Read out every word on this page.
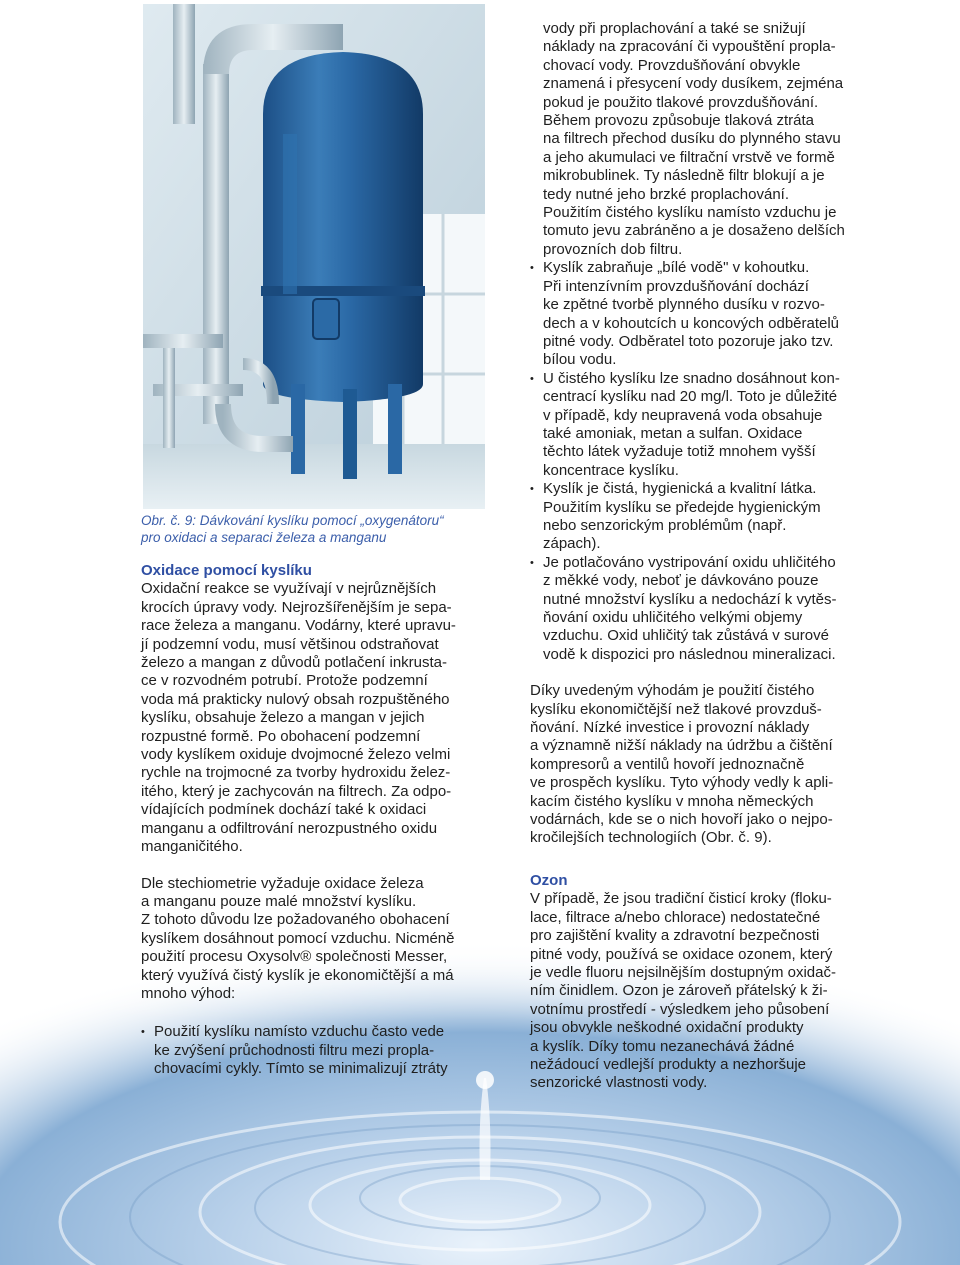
Obr. č. 9: Dávkování kyslíku pomocí „oxygenátoru“
pro oxidaci a separaci železa a manganu
Oxidace pomocí kyslíku
Oxidační reakce se využívají v nejrůznějších
krocích úpravy vody. Nejrozšířenějším je sepa-
race železa a manganu. Vodárny, které upravu-
jí podzemní vodu, musí většinou odstraňovat
železo a mangan z důvodů potlačení inkrusta-
ce v rozvodném potrubí. Protože podzemní
voda má prakticky nulový obsah rozpuštěného
kyslíku, obsahuje železo a mangan v jejich
rozpustné formě. Po obohacení podzemní
vody kyslíkem oxiduje dvojmocné železo velmi
rychle na trojmocné za tvorby hydroxidu želez-
itého, který je zachycován na filtrech. Za odpo-
vídajících podmínek dochází také k oxidaci
manganu a odfiltrování nerozpustného oxidu
manganičitého.
Dle stechiometrie vyžaduje oxidace železa
a manganu pouze malé množství kyslíku.
Z tohoto důvodu lze požadovaného obohacení
kyslíkem dosáhnout pomocí vzduchu. Nicméně
použití procesu Oxysolv® společnosti Messer,
který využívá čistý kyslík je ekonomičtější a má
mnoho výhod:
• Použití kyslíku namísto vzduchu často vede
ke zvýšení průchodnosti filtru mezi propla-
chovacími cykly. Tímto se minimalizují ztráty
vody při proplachování a také se snižují
náklady na zpracování či vypouštění propla-
chovací vody. Provzdušňování obvykle
znamená i přesycení vody dusíkem, zejména
pokud je použito tlakové provzdušňování.
Během provozu způsobuje tlaková ztráta
na filtrech přechod dusíku do plynného stavu
a jeho akumulaci ve filtrační vrstvě ve formě
mikrobublinek. Ty následně filtr blokují a je
tedy nutné jeho brzké proplachování.
Použitím čistého kyslíku namísto vzduchu je
tomuto jevu zabráněno a je dosaženo delších
provozních dob filtru.
• Kyslík zabraňuje „bílé vodě" v kohoutku.
Při intenzívním provzdušňování dochází
ke zpětné tvorbě plynného dusíku v rozvo-
dech a v kohoutcích u koncových odběratelů
pitné vody. Odběratel toto pozoruje jako tzv.
bílou vodu.
• U čistého kyslíku lze snadno dosáhnout kon-
centrací kyslíku nad 20 mg/l. Toto je důležité
v případě, kdy neupravená voda obsahuje
také amoniak, metan a sulfan. Oxidace
těchto látek vyžaduje totiž mnohem vyšší
koncentrace kyslíku.
• Kyslík je čistá, hygienická a kvalitní látka.
Použitím kyslíku se předejde hygienickým
nebo senzorickým problémům (např.
zápach).
• Je potlačováno vystripování oxidu uhličitého
z měkké vody, neboť je dávkováno pouze
nutné množství kyslíku a nedochází k vytěs-
ňování oxidu uhličitého velkými objemy
vzduchu. Oxid uhličitý tak zůstává v surové
vodě k dispozici pro následnou mineralizaci.
Díky uvedeným výhodám je použití čistého
kyslíku ekonomičtější než tlakové provzduš-
ňování. Nízké investice i provozní náklady
a významně nižší náklady na údržbu a čištění
kompresorů a ventilů hovoří jednoznačně
ve prospěch kyslíku. Tyto výhody vedly k apli-
kacím čistého kyslíku v mnoha německých
vodárnách, kde se o nich hovoří jako o nejpo-
kročilejších technologiích (Obr. č. 9).
Ozon
V případě, že jsou tradiční čisticí kroky (floku-
lace, filtrace a/nebo chlorace) nedostatečné
pro zajištění kvality a zdravotní bezpečnosti
pitné vody, používá se oxidace ozonem, který
je vedle fluoru nejsilnějším dostupným oxidač-
ním činidlem. Ozon je zároveň přátelský k ži-
votnímu prostředí - výsledkem jeho působení
jsou obvykle neškodné oxidační produkty
a kyslík. Díky tomu nezanechává žádné
nežádoucí vedlejší produkty a nezhoršuje
senzorické vlastnosti vody.
